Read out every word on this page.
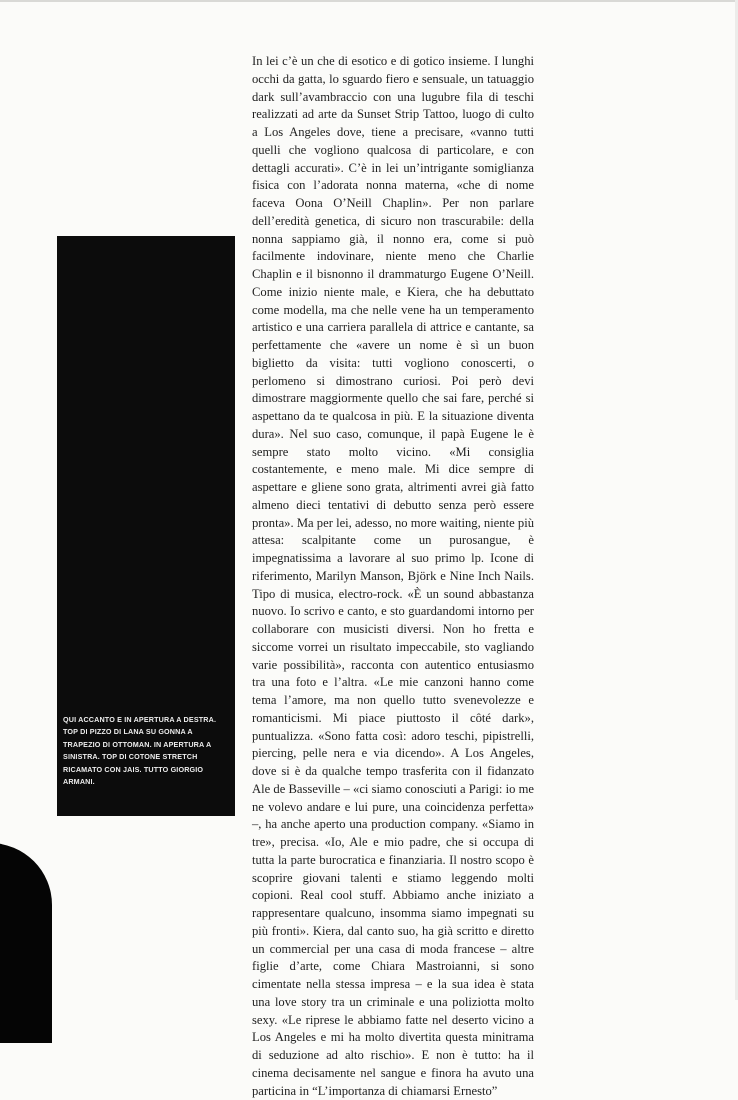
QUI ACCANTO E IN APERTURA A DESTRA. TOP DI PIZZO DI LANA SU GONNA A TRAPEZIO DI OTTOMAN. IN APERTURA A SINISTRA. TOP DI COTONE STRETCH RICAMATO CON JAIS. TUTTO GIORGIO ARMANI.

In lei c’è un che di esotico e di gotico insieme. I lunghi occhi da gatta, lo sguardo fiero e sensuale, un tatuaggio dark sull’avambraccio con una lugubre fila di teschi realizzati ad arte da Sunset Strip Tattoo, luogo di culto a Los Angeles dove, tiene a precisare, «vanno tutti quelli che vogliono qualcosa di particolare, e con dettagli accurati». C’è in lei un’intrigante somiglianza fisica con l’adorata nonna materna, «che di nome faceva Oona O’Neill Chaplin». Per non parlare dell’eredità genetica, di sicuro non trascurabile: della nonna sappiamo già, il nonno era, come si può facilmente indovinare, niente meno che Charlie Chaplin e il bisnonno il drammaturgo Eugene O’Neill. Come inizio niente male, e Kiera, che ha debuttato come modella, ma che nelle vene ha un temperamento artistico e una carriera parallela di attrice e cantante, sa perfettamente che «avere un nome è sì un buon biglietto da visita: tutti vogliono conoscerti, o perlomeno si dimostrano curiosi. Poi però devi dimostrare maggiormente quello che sai fare, perché si aspettano da te qualcosa in più. E la situazione diventa dura». Nel suo caso, comunque, il papà Eugene le è sempre stato molto vicino. «Mi consiglia costantemente, e meno male. Mi dice sempre di aspettare e gliene sono grata, altrimenti avrei già fatto almeno dieci tentativi di debutto senza però essere pronta». Ma per lei, adesso, no more waiting, niente più attesa: scalpitante come un purosangue, è impegnatissima a lavorare al suo primo lp. Icone di riferimento, Marilyn Manson, Björk e Nine Inch Nails. Tipo di musica, electro-rock. «È un sound abbastanza nuovo. Io scrivo e canto, e sto guardandomi intorno per collaborare con musicisti diversi. Non ho fretta e siccome vorrei un risultato impeccabile, sto vagliando varie possibilità», racconta con autentico entusiasmo tra una foto e l’altra. «Le mie canzoni hanno come tema l’amore, ma non quello tutto svenevolezze e romanticismi. Mi piace piuttosto il côté dark», puntualizza. «Sono fatta così: adoro teschi, pipistrelli, piercing, pelle nera e via dicendo». A Los Angeles, dove si è da qualche tempo trasferita con il fidanzato Ale de Basseville – «ci siamo conosciuti a Parigi: io me ne volevo andare e lui pure, una coincidenza perfetta» –, ha anche aperto una production company. «Siamo in tre», precisa. «Io, Ale e mio padre, che si occupa di tutta la parte burocratica e finanziaria. Il nostro scopo è scoprire giovani talenti e stiamo leggendo molti copioni. Real cool stuff. Abbiamo anche iniziato a rappresentare qualcuno, insomma siamo impegnati su più fronti». Kiera, dal canto suo, ha già scritto e diretto un commercial per una casa di moda francese – altre figlie d’arte, come Chiara Mastroianni, si sono cimentate nella stessa impresa – e la sua idea è stata una love story tra un criminale e una poliziotta molto sexy. «Le riprese le abbiamo fatte nel deserto vicino a Los Angeles e mi ha molto divertita questa minitrama di seduzione ad alto rischio». E non è tutto: ha il cinema decisamente nel sangue e finora ha avuto una particina in “L’importanza di chiamarsi Ernesto”
